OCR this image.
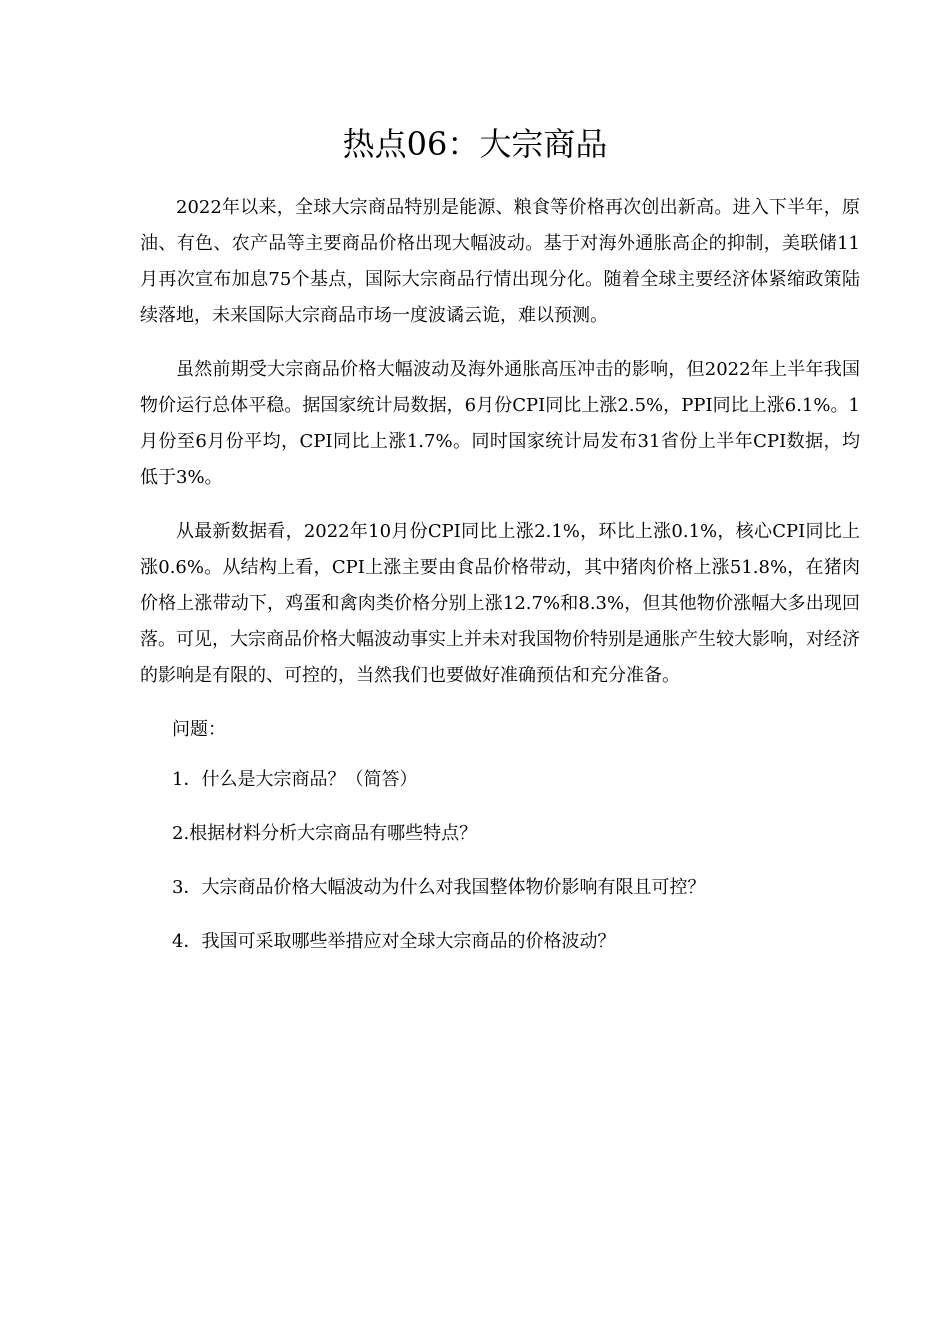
热点06：大宗商品

2022年以来，全球大宗商品特别是能源、粮食等价格再次创出新高。进入下半年，原油、有色、农产品等主要商品价格出现大幅波动。基于对海外通胀高企的抑制，美联储11月再次宣布加息75个基点，国际大宗商品行情出现分化。随着全球主要经济体紧缩政策陆续落地，未来国际大宗商品市场一度波谲云诡，难以预测。

虽然前期受大宗商品价格大幅波动及海外通胀高压冲击的影响，但2022年上半年我国物价运行总体平稳。据国家统计局数据，6月份CPI同比上涨2.5%，PPI同比上涨6.1%。1月份至6月份平均，CPI同比上涨1.7%。同时国家统计局发布31省份上半年CPI数据，均低于3%。

从最新数据看，2022年10月份CPI同比上涨2.1%，环比上涨0.1%，核心CPI同比上涨0.6%。从结构上看，CPI上涨主要由食品价格带动，其中猪肉价格上涨51.8%，在猪肉价格上涨带动下，鸡蛋和禽肉类价格分别上涨12.7%和8.3%，但其他物价涨幅大多出现回落。可见，大宗商品价格大幅波动事实上并未对我国物价特别是通胀产生较大影响，对经济的影响是有限的、可控的，当然我们也要做好准确预估和充分准备。

问题：

1．什么是大宗商品？（简答）
2.根据材料分析大宗商品有哪些特点？
3．大宗商品价格大幅波动为什么对我国整体物价影响有限且可控？
4．我国可采取哪些举措应对全球大宗商品的价格波动？
